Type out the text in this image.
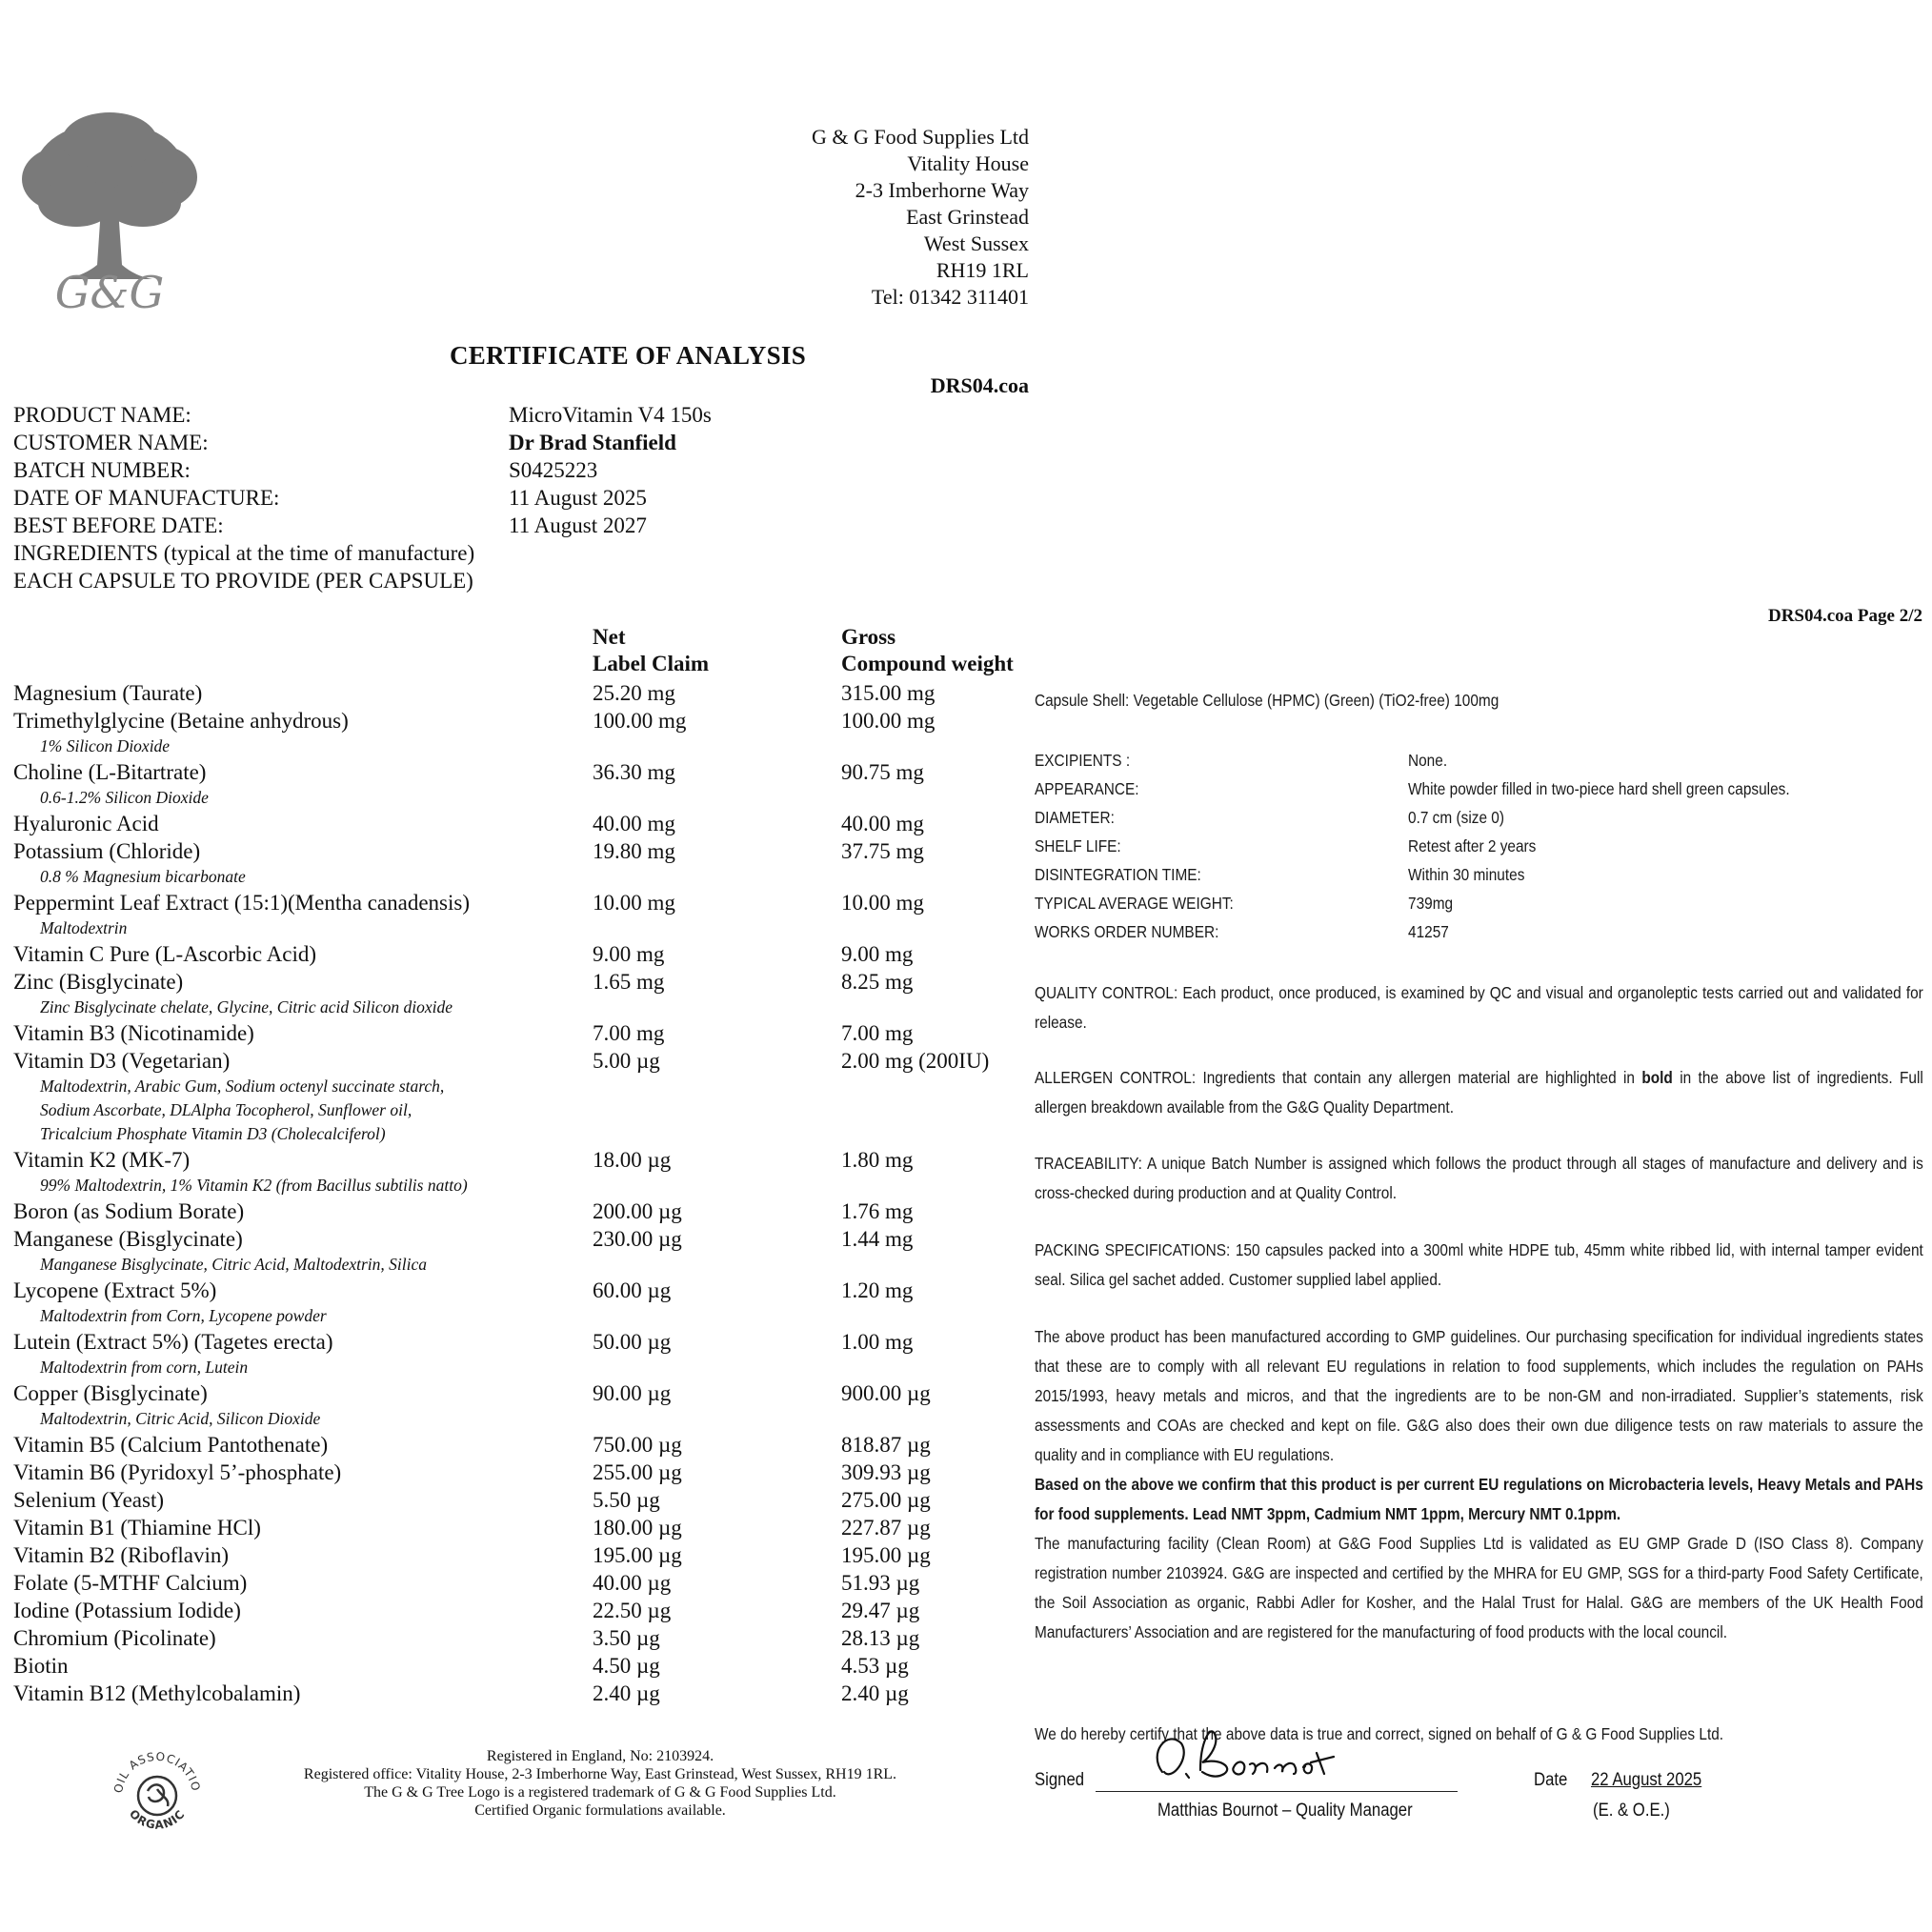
G&G
G & G Food Supplies Ltd
Vitality House
2-3 Imberhorne Way
East Grinstead
West Sussex
RH19 1RL
Tel: 01342 311401
CERTIFICATE OF ANALYSIS
DRS04.coa
DRS04.coa Page 2/2
PRODUCT NAME:	MicroVitamin V4 150s
CUSTOMER NAME:	Dr Brad Stanfield
BATCH NUMBER:	S0425223
DATE OF MANUFACTURE:	11 August 2025
BEST BEFORE DATE:	11 August 2027
INGREDIENTS (typical at the time of manufacture)
EACH CAPSULE TO PROVIDE (PER CAPSULE)
Net
Label Claim
Gross
Compound weight
Magnesium (Taurate)	25.20 mg	315.00 mg
Trimethylglycine (Betaine anhydrous)	100.00 mg	100.00 mg
1% Silicon Dioxide
Choline (L-Bitartrate)	36.30 mg	90.75 mg
0.6-1.2% Silicon Dioxide
Hyaluronic Acid	40.00 mg	40.00 mg
Potassium (Chloride)	19.80 mg	37.75 mg
0.8 % Magnesium bicarbonate
Peppermint Leaf Extract (15:1)(Mentha canadensis)	10.00 mg	10.00 mg
Maltodextrin
Vitamin C Pure (L-Ascorbic Acid)	9.00 mg	9.00 mg
Zinc (Bisglycinate)	1.65 mg	8.25 mg
Zinc Bisglycinate chelate, Glycine, Citric acid Silicon dioxide
Vitamin B3 (Nicotinamide)	7.00 mg	7.00 mg
Vitamin D3 (Vegetarian)	5.00 µg	2.00 mg (200IU)
Maltodextrin, Arabic Gum, Sodium octenyl succinate starch,
Sodium Ascorbate, DLAlpha Tocopherol, Sunflower oil,
Tricalcium Phosphate Vitamin D3 (Cholecalciferol)
Vitamin K2 (MK-7)	18.00 µg	1.80 mg
99% Maltodextrin, 1% Vitamin K2 (from Bacillus subtilis natto)
Boron (as Sodium Borate)	200.00 µg	1.76 mg
Manganese (Bisglycinate)	230.00 µg	1.44 mg
Manganese Bisglycinate, Citric Acid, Maltodextrin, Silica
Lycopene (Extract 5%)	60.00 µg	1.20 mg
Maltodextrin from Corn, Lycopene powder
Lutein (Extract 5%) (Tagetes erecta)	50.00 µg	1.00 mg
Maltodextrin from corn, Lutein
Copper (Bisglycinate)	90.00 µg	900.00 µg
Maltodextrin, Citric Acid, Silicon Dioxide
Vitamin B5 (Calcium Pantothenate)	750.00 µg	818.87 µg
Vitamin B6 (Pyridoxyl 5’-phosphate)	255.00 µg	309.93 µg
Selenium (Yeast)	5.50 µg	275.00 µg
Vitamin B1 (Thiamine HCl)	180.00 µg	227.87 µg
Vitamin B2 (Riboflavin)	195.00 µg	195.00 µg
Folate (5-MTHF Calcium)	40.00 µg	51.93 µg
Iodine (Potassium Iodide)	22.50 µg	29.47 µg
Chromium (Picolinate)	3.50 µg	28.13 µg
Biotin	4.50 µg	4.53 µg
Vitamin B12 (Methylcobalamin)	2.40 µg	2.40 µg
Capsule Shell: Vegetable Cellulose (HPMC) (Green) (TiO2-free) 100mg
EXCIPIENTS :	None.
APPEARANCE:	White powder filled in two-piece hard shell green capsules.
DIAMETER:	0.7 cm (size 0)
SHELF LIFE:	Retest after 2 years
DISINTEGRATION TIME:	Within 30 minutes
TYPICAL AVERAGE WEIGHT:	739mg
WORKS ORDER NUMBER:	41257
QUALITY CONTROL: Each product, once produced, is examined by QC and visual and organoleptic tests carried out and validated for release.
ALLERGEN CONTROL: Ingredients that contain any allergen material are highlighted in bold in the above list of ingredients. Full allergen breakdown available from the G&G Quality Department.
TRACEABILITY: A unique Batch Number is assigned which follows the product through all stages of manufacture and delivery and is cross-checked during production and at Quality Control.
PACKING SPECIFICATIONS: 150 capsules packed into a 300ml white HDPE tub, 45mm white ribbed lid, with internal tamper evident seal. Silica gel sachet added. Customer supplied label applied.
The above product has been manufactured according to GMP guidelines. Our purchasing specification for individual ingredients states that these are to comply with all relevant EU regulations in relation to food supplements, which includes the regulation on PAHs 2015/1993, heavy metals and micros, and that the ingredients are to be non-GM and non-irradiated. Supplier’s statements, risk assessments and COAs are checked and kept on file. G&G also does their own due diligence tests on raw materials to assure the quality and in compliance with EU regulations.
Based on the above we confirm that this product is per current EU regulations on Microbacteria levels, Heavy Metals and PAHs for food supplements. Lead NMT 3ppm, Cadmium NMT 1ppm, Mercury NMT 0.1ppm.
The manufacturing facility (Clean Room) at G&G Food Supplies Ltd is validated as EU GMP Grade D (ISO Class 8). Company registration number 2103924. G&G are inspected and certified by the MHRA for EU GMP, SGS for a third-party Food Safety Certificate, the Soil Association as organic, Rabbi Adler for Kosher, and the Halal Trust for Halal. G&G are members of the UK Health Food Manufacturers’ Association and are registered for the manufacturing of food products with the local council.
We do hereby certify that the above data is true and correct, signed on behalf of G & G Food Supplies Ltd.
Signed
Matthias Bournot – Quality Manager
Date 22 August 2025
(E. & O.E.)
OIL ASSOCIATIO
ORGANIC
Registered in England, No: 2103924.
Registered office: Vitality House, 2-3 Imberhorne Way, East Grinstead, West Sussex, RH19 1RL.
The G & G Tree Logo is a registered trademark of G & G Food Supplies Ltd.
Certified Organic formulations available.
